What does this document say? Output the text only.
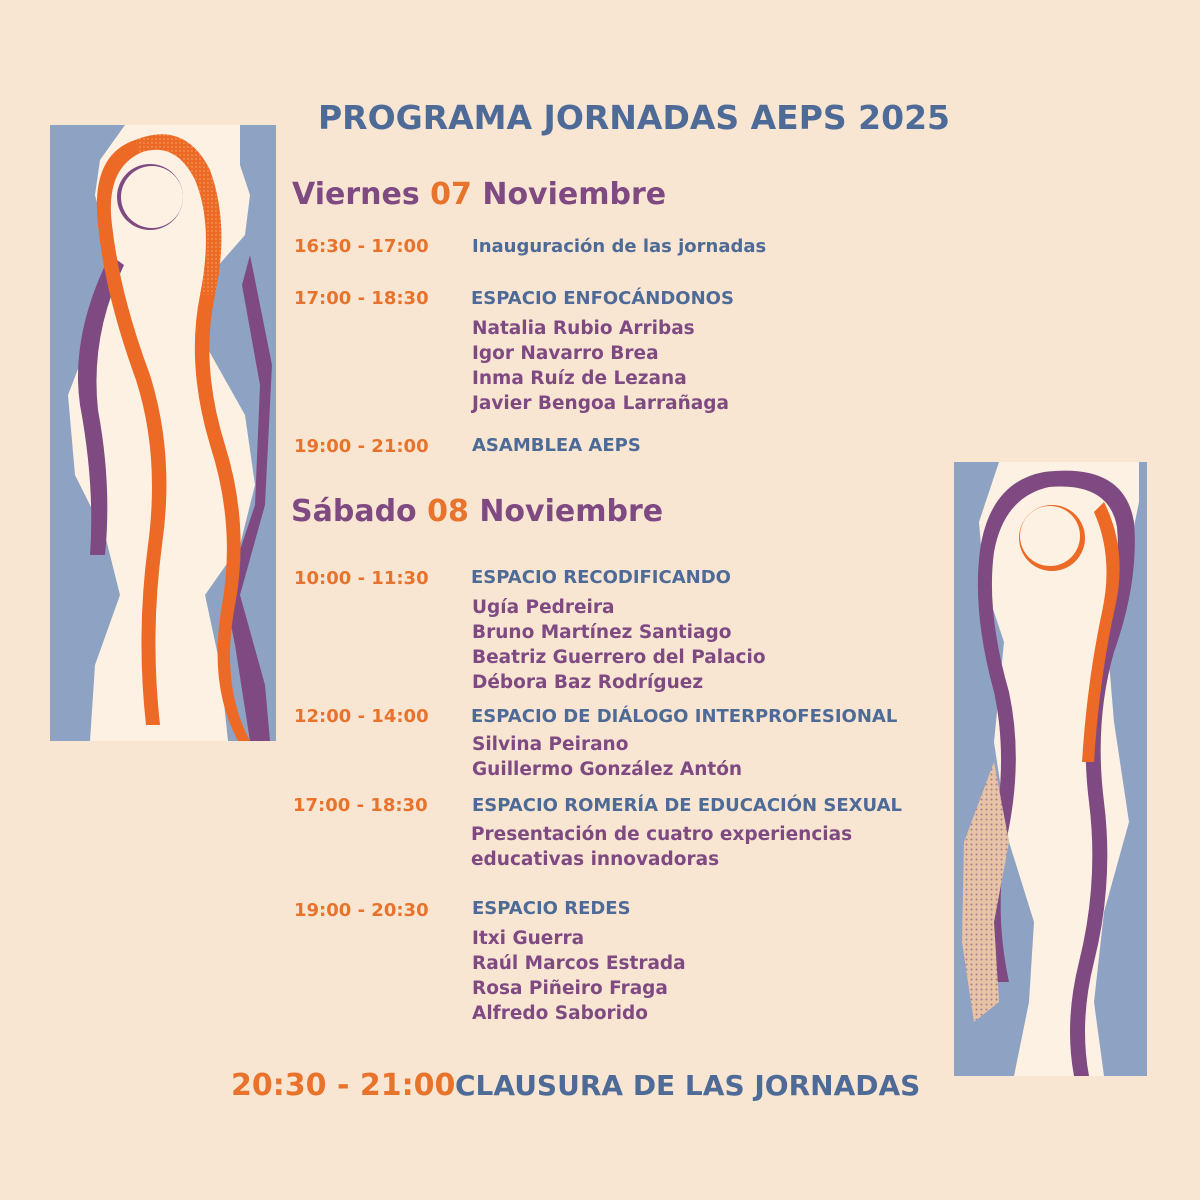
PROGRAMA JORNADAS AEPS 2025
Viernes 07 Noviembre
16:30 - 17:00 Inauguración de las jornadas
17:00 - 18:30 ESPACIO ENFOCÁNDONOS
Natalia Rubio Arribas
Igor Navarro Brea
Inma Ruíz de Lezana
Javier Bengoa Larrañaga
19:00 - 21:00 ASAMBLEA AEPS
Sábado 08 Noviembre
10:00 - 11:30 ESPACIO RECODIFICANDO
Ugía Pedreira
Bruno Martínez Santiago
Beatriz Guerrero del Palacio
Débora Baz Rodríguez
12:00 - 14:00 ESPACIO DE DIÁLOGO INTERPROFESIONAL
Silvina Peirano
Guillermo González Antón
17:00 - 18:30 ESPACIO ROMERÍA DE EDUCACIÓN SEXUAL
Presentación de cuatro experiencias
educativas innovadoras
19:00 - 20:30 ESPACIO REDES
Itxi Guerra
Raúl Marcos Estrada
Rosa Piñeiro Fraga
Alfredo Saborido
20:30 - 21:00 CLAUSURA DE LAS JORNADAS
